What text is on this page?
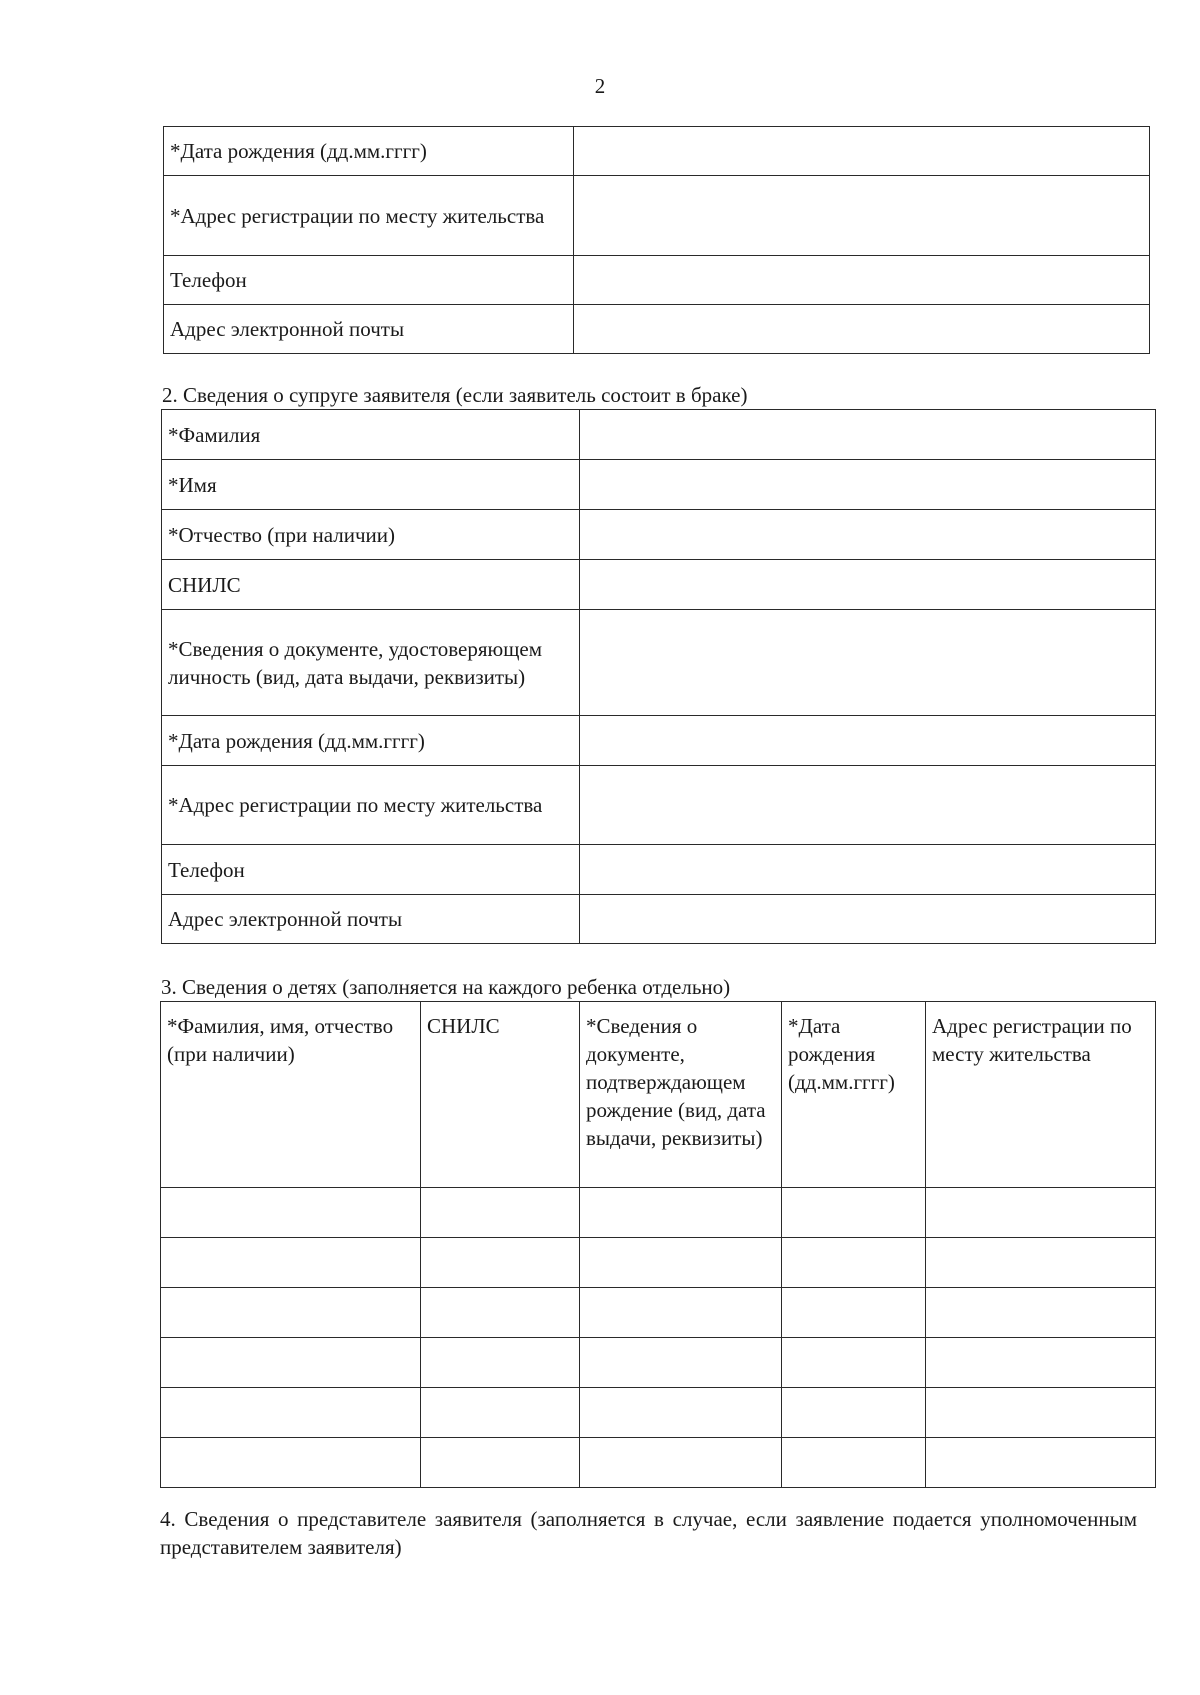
2
*Дата рождения (дд.мм.гггг)	
*Адрес регистрации по месту жительства	
Телефон	
Адрес электронной почты	
2. Сведения о супруге заявителя (если заявитель состоит в браке)
*Фамилия	
*Имя	
*Отчество (при наличии)	
СНИЛС	
*Сведения о документе, удостоверяющем личность (вид, дата выдачи, реквизиты)	
*Дата рождения (дд.мм.гггг)	
*Адрес регистрации по месту жительства	
Телефон	
Адрес электронной почты	
3. Сведения о детях (заполняется на каждого ребенка отдельно)
*Фамилия, имя, отчество (при наличии)	СНИЛС	*Сведения о документе, подтверждающем рождение (вид, дата выдачи, реквизиты)	*Дата рождения (дд.мм.гггг)	Адрес регистрации по месту жительства

4. Сведения о представителе заявителя (заполняется в случае, если заявление подается уполномоченным представителем заявителя)
